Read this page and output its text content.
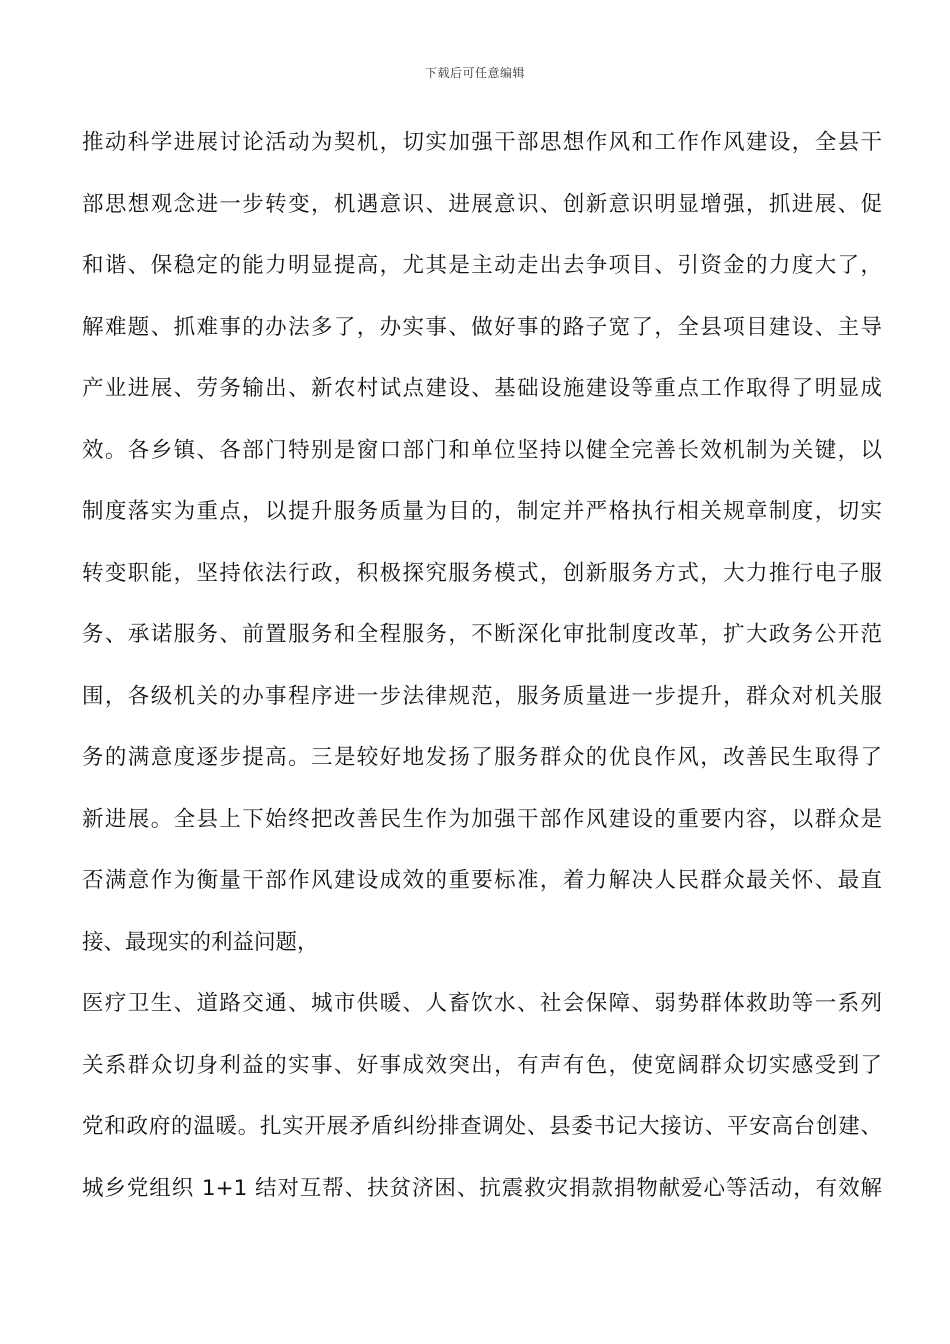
下载后可任意编辑
推动科学进展讨论活动为契机，切实加强干部思想作风和工作作风建设，全县干
部思想观念进一步转变，机遇意识、进展意识、创新意识明显增强，抓进展、促
和谐、保稳定的能力明显提高，尤其是主动走出去争项目、引资金的力度大了，
解难题、抓难事的办法多了，办实事、做好事的路子宽了，全县项目建设、主导
产业进展、劳务输出、新农村试点建设、基础设施建设等重点工作取得了明显成
效。各乡镇、各部门特别是窗口部门和单位坚持以健全完善长效机制为关键，以
制度落实为重点，以提升服务质量为目的，制定并严格执行相关规章制度，切实
转变职能，坚持依法行政，积极探究服务模式，创新服务方式，大力推行电子服
务、承诺服务、前置服务和全程服务，不断深化审批制度改革，扩大政务公开范
围，各级机关的办事程序进一步法律规范，服务质量进一步提升，群众对机关服
务的满意度逐步提高。三是较好地发扬了服务群众的优良作风，改善民生取得了
新进展。全县上下始终把改善民生作为加强干部作风建设的重要内容，以群众是
否满意作为衡量干部作风建设成效的重要标准，着力解决人民群众最关怀、最直
接、最现实的利益问题，
医疗卫生、道路交通、城市供暖、人畜饮水、社会保障、弱势群体救助等一系列
关系群众切身利益的实事、好事成效突出，有声有色，使宽阔群众切实感受到了
党和政府的温暖。扎实开展矛盾纠纷排查调处、县委书记大接访、平安高台创建、
城乡党组织 1+1 结对互帮、扶贫济困、抗震救灾捐款捐物献爱心等活动，有效解
